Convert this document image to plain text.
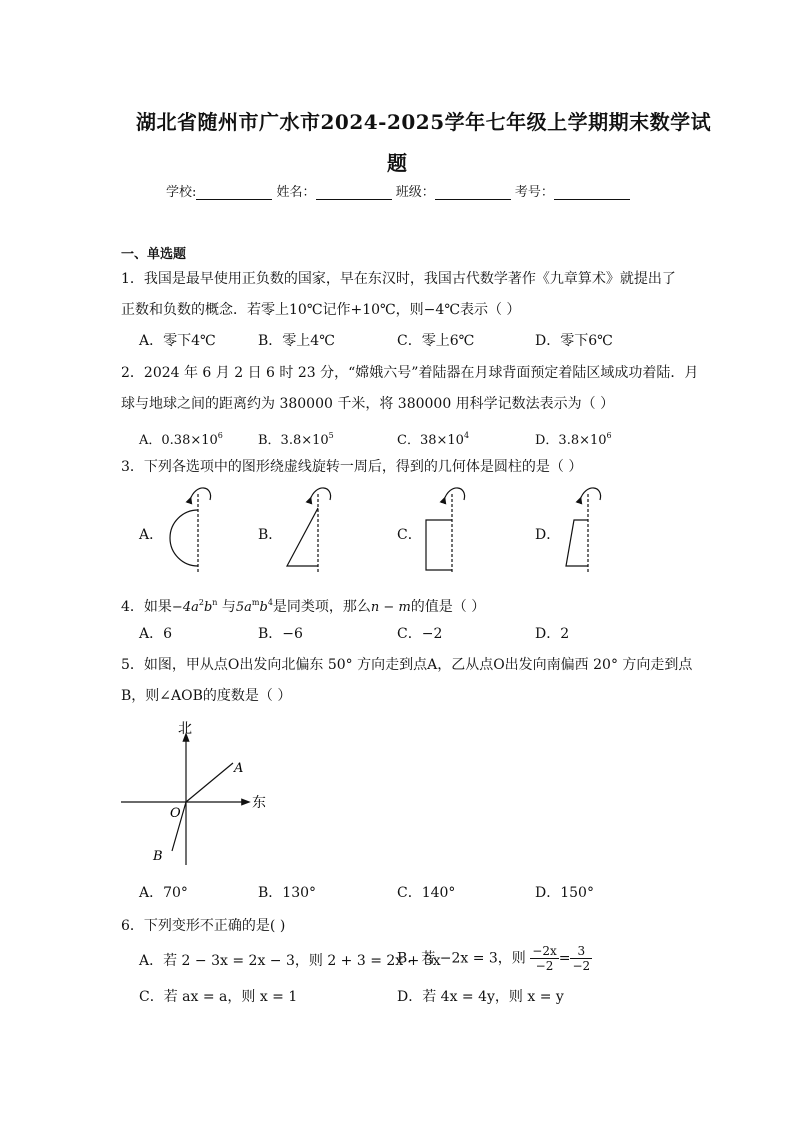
湖北省随州市广水市2024-2025学年七年级上学期期末数学试
题
学校:	姓名：	班级：	考号：
一、单选题
1．我国是最早使用正负数的国家，早在东汉时，我国古代数学著作《九章算术》就提出了
正数和负数的概念．若零上10℃记作+10℃，则−4℃表示（ ）
A．零下4℃	B．零上4℃	C．零上6℃	D．零下6℃
2．2024 年 6 月 2 日 6 时 23 分，“嫦娥六号”着陆器在月球背面预定着陆区域成功着陆．月
球与地球之间的距离约为 380000 千米，将 380000 用科学记数法表示为（ ）
A．$0.38\times 10^6$	B．$3.8\times 10^5$	C．$38\times 10^4$	D．$3.8\times 10^6$
3．下列各选项中的图形绕虚线旋转一周后，得到的几何体是圆柱的是（ ）
A．	B．	C．	D．
4．如果$-4a^2b^n$ 与$5a^mb^4$是同类项，那么n − m的值是（ ）
A．6	B．−6	C．−2	D．2
5．如图，甲从点O出发向北偏东 50° 方向走到点A，乙从点O出发向南偏西 20° 方向走到点
B，则∠AOB的度数是（ ）
北
东
O
A
B
A．70°	B．130°	C．140°	D．150°
6．下列变形不正确的是( )
A．若 2 − 3x = 2x − 3，则 2 + 3 = 2x + 3x
B．若 −2x = 3，则 $\frac{-2x}{-2} = \frac{3}{-2}$
C．若 ax = a，则 x = 1	D．若 4x = 4y，则 x = y
